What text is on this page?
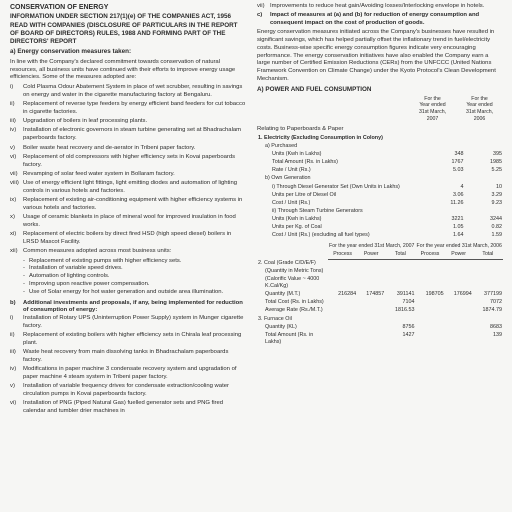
CONSERVATION OF ENERGY

INFORMATION UNDER SECTION 217(1)(e) OF THE COMPANIES ACT, 1956 READ WITH COMPANIES (DISCLOSURE OF PARTICULARS IN THE REPORT OF BOARD OF DIRECTORS) RULES, 1988 AND FORMING PART OF THE DIRECTORS' REPORT

a) Energy conservation measures taken:

In line with the Company's declared commitment towards conservation of natural resources, all business units have continued with their efforts to improve energy usage efficiencies. Some of the measures adopted are:

i)	Cold Plasma Odour Abatement System in place of wet scrubber, resulting in savings on energy and water in the cigarette manufacturing factory at Bengaluru.
ii)	Replacement of reverse type feeders by energy efficient band feeders for cut tobacco in cigarette factories.
iii)	Upgradation of boilers in leaf processing plants.
iv)	Installation of electronic governors in steam turbine generating set at Bhadrachalam paperboards factory.
v)	Boiler waste heat recovery and de-aerator in Tribeni paper factory.
vi)	Replacement of old compressors with higher efficiency sets in Kovai paperboards factory.
vii) Revamping of solar feed water system in Bollaram factory.
viii) Use of energy efficient light fittings, light emitting diodes and automation of lighting controls in various hotels and factories.
ix)	Replacement of existing air-conditioning equipment with higher efficiency systems in various hotels and factories.
x)	Usage of ceramic blankets in place of mineral wool for improved insulation in food works.
xi)	Replacement of electric boilers by direct fired HSD (high speed diesel) boilers in LRSD Mascot Facility.
xii) Common measures adopted across most business units:
- Replacement of existing pumps with higher efficiency sets.
- Installation of variable speed drives.
- Automation of lighting controls.
- Improving upon reactive power compensation.
- Use of Solar energy for hot water generation and outside area illumination.
b)	Additional investments and proposals, if any, being implemented for reduction of consumption of energy:
i)	Installation of Rotary UPS (Uninterruption Power Supply) system in Munger cigarette factory.
ii)	Replacement of existing boilers with higher efficiency sets in Chirala leaf processing plant.
iii)	Waste heat recovery from main dissolving tanks in Bhadrachalam paperboards factory.
iv)	Modifications in paper machine 3 condensate recovery system and upgradation of paper machine 4 steam system in Tribeni paper factory.
v)	Installation of variable frequency drives for condensate extraction/cooling water circulation pumps in Kovai paperboards factory.
vi)	Installation of PNG (Piped Natural Gas) fuelled generator sets and PNG fired calendar and tumbler drier machines in
vii) Improvements to reduce heat gain/Avoiding losses/Interlocking envelope in hotels.
c)	Impact of measures at (a) and (b) for reduction of energy consumption and consequent impact on the cost of production of goods.

Energy conservation measures initiated across the Company's businesses have resulted in significant savings, which has helped partially offset the inflationary trend in fuel/electricity costs. Business-wise specific energy consumption figures indicate very encouraging performance. The energy conservation initiatives have also enabled the Company earn a large number of Certified Emission Reductions (CERs) from the UNFCCC (United Nations Framework Convention on Climate Change) under the Kyoto Protocol's Clean Development Mechanism.

A) POWER AND FUEL CONSUMPTION

For the
Year ended
31st March,
2007

For the
Year ended
31st March,
2006
Relating to Paperboards & Paper
1. Electricity (Excluding Consumption in Colony)		
a) Purchased		
Units (Kwh in Lakhs)	348	395
Total Amount (Rs. in Lakhs)	1767	1985
Rate / Unit (Rs.)	5.03	5.25
b) Own Generation		
i) Through Diesel Generator Set (Own Units in Lakhs)	4	10
Units per Litre of Diesel Oil	3.06	3.29
Cost / Unit (Rs.)	11.26	9.23
ii) Through Steam Turbine Generators		
Units (Kwh in Lakhs)	3221	3244
Units per Kg. of Coal	1.05	0.82
Cost / Unit (Rs.) (excluding all fuel types)	1.64	1.59
	For the year ended 31st March, 2007			For the year ended 31st March, 2006		
	Process	Power	Total	Process	Power	Total
2. Coal (Grade C/D/E/F)						
(Quantity in Metric Tons)						
(Calorific Value ~ 4000 K.Cal/Kg)						
Quantity (M.T.)	216284	174857	391141	198705	176994	377199
Total Cost (Rs. in Lakhs)			7104			7072
Average Rate (Rs./M.T.)			1816.53			1874.79
3. Furnace Oil						
Quantity (KL)			8756			8683
Total Amount (Rs. in Lakhs)			1427			139
